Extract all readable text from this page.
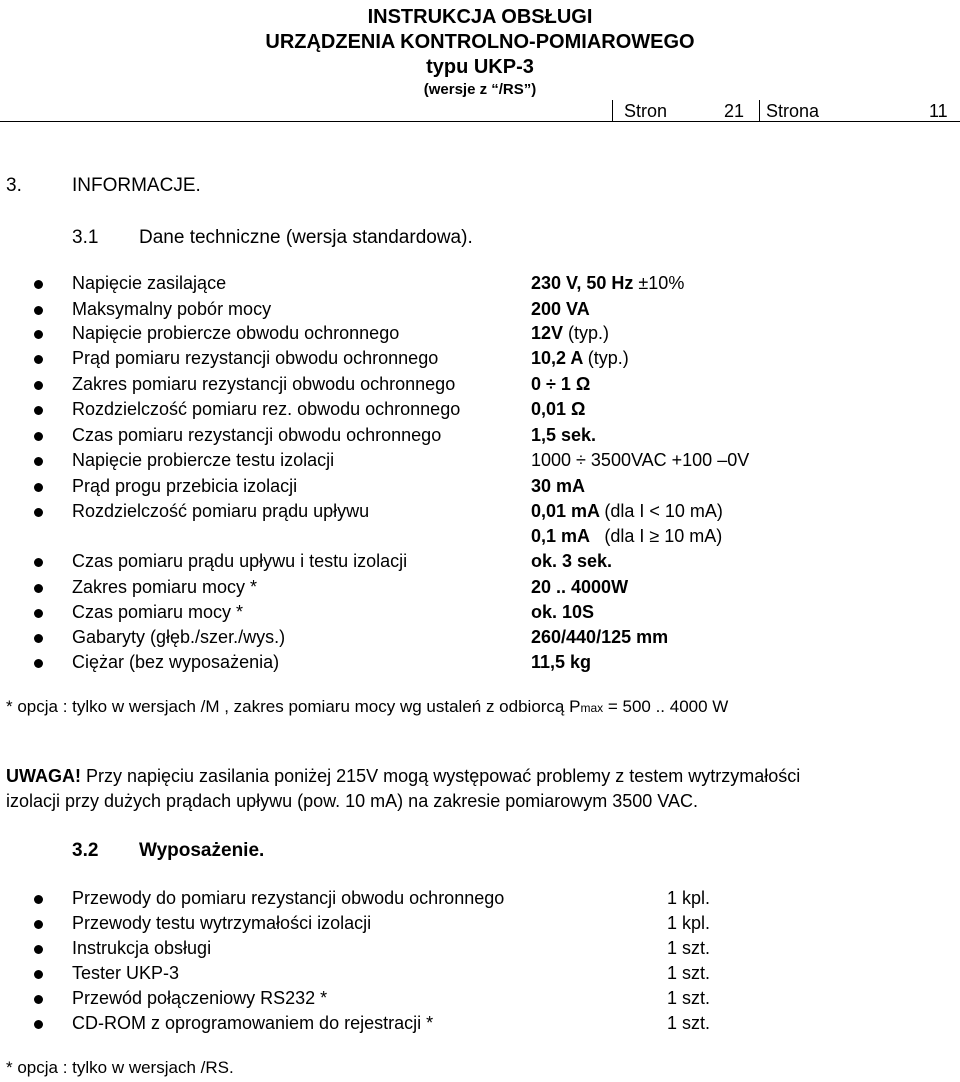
INSTRUKCJA OBSŁUGI
URZĄDZENIA KONTROLNO-POMIAROWEGO
typu UKP-3
(wersje z “/RS”)
Stron	21 Strona	11
3.	INFORMACJE.
3.1 Dane techniczne (wersja standardowa).
Napięcie zasilające	230 V, 50 Hz ±10%
Maksymalny pobór mocy	200 VA
Napięcie probiercze obwodu ochronnego	12V (typ.)
Prąd pomiaru rezystancji obwodu ochronnego	10,2 A (typ.)
Zakres pomiaru rezystancji obwodu ochronnego	0 ÷ 1 Ω
Rozdzielczość pomiaru rez. obwodu ochronnego	0,01 Ω
Czas pomiaru rezystancji obwodu ochronnego	1,5 sek.
Napięcie probiercze testu izolacji	1000 ÷ 3500VAC +100 –0V
Prąd progu przebicia izolacji	30 mA
Rozdzielczość pomiaru prądu upływu	0,01 mA (dla I < 10 mA)
0,1 mA   (dla I ≥ 10 mA)
Czas pomiaru prądu upływu i testu izolacji	ok. 3 sek.
Zakres pomiaru mocy *	20 .. 4000W
Czas pomiaru mocy *	ok. 10S
Gabaryty (głęb./szer./wys.)	260/440/125 mm
Ciężar (bez wyposażenia)	11,5 kg
* opcja : tylko w wersjach /M , zakres pomiaru mocy wg ustaleń z odbiorcą Pmax = 500 .. 4000 W
UWAGA! Przy napięciu zasilania poniżej 215V mogą występować problemy z testem wytrzymałości
izolacji przy dużych prądach upływu (pow. 10 mA) na zakresie pomiarowym 3500 VAC.
3.2 Wyposażenie.
Przewody do pomiaru rezystancji obwodu ochronnego	1 kpl.
Przewody testu wytrzymałości izolacji	1 kpl.
Instrukcja obsługi	1 szt.
Tester UKP-3	1 szt.
Przewód połączeniowy RS232 *	1 szt.
CD-ROM z oprogramowaniem do rejestracji *	1 szt.
* opcja : tylko w wersjach /RS.
